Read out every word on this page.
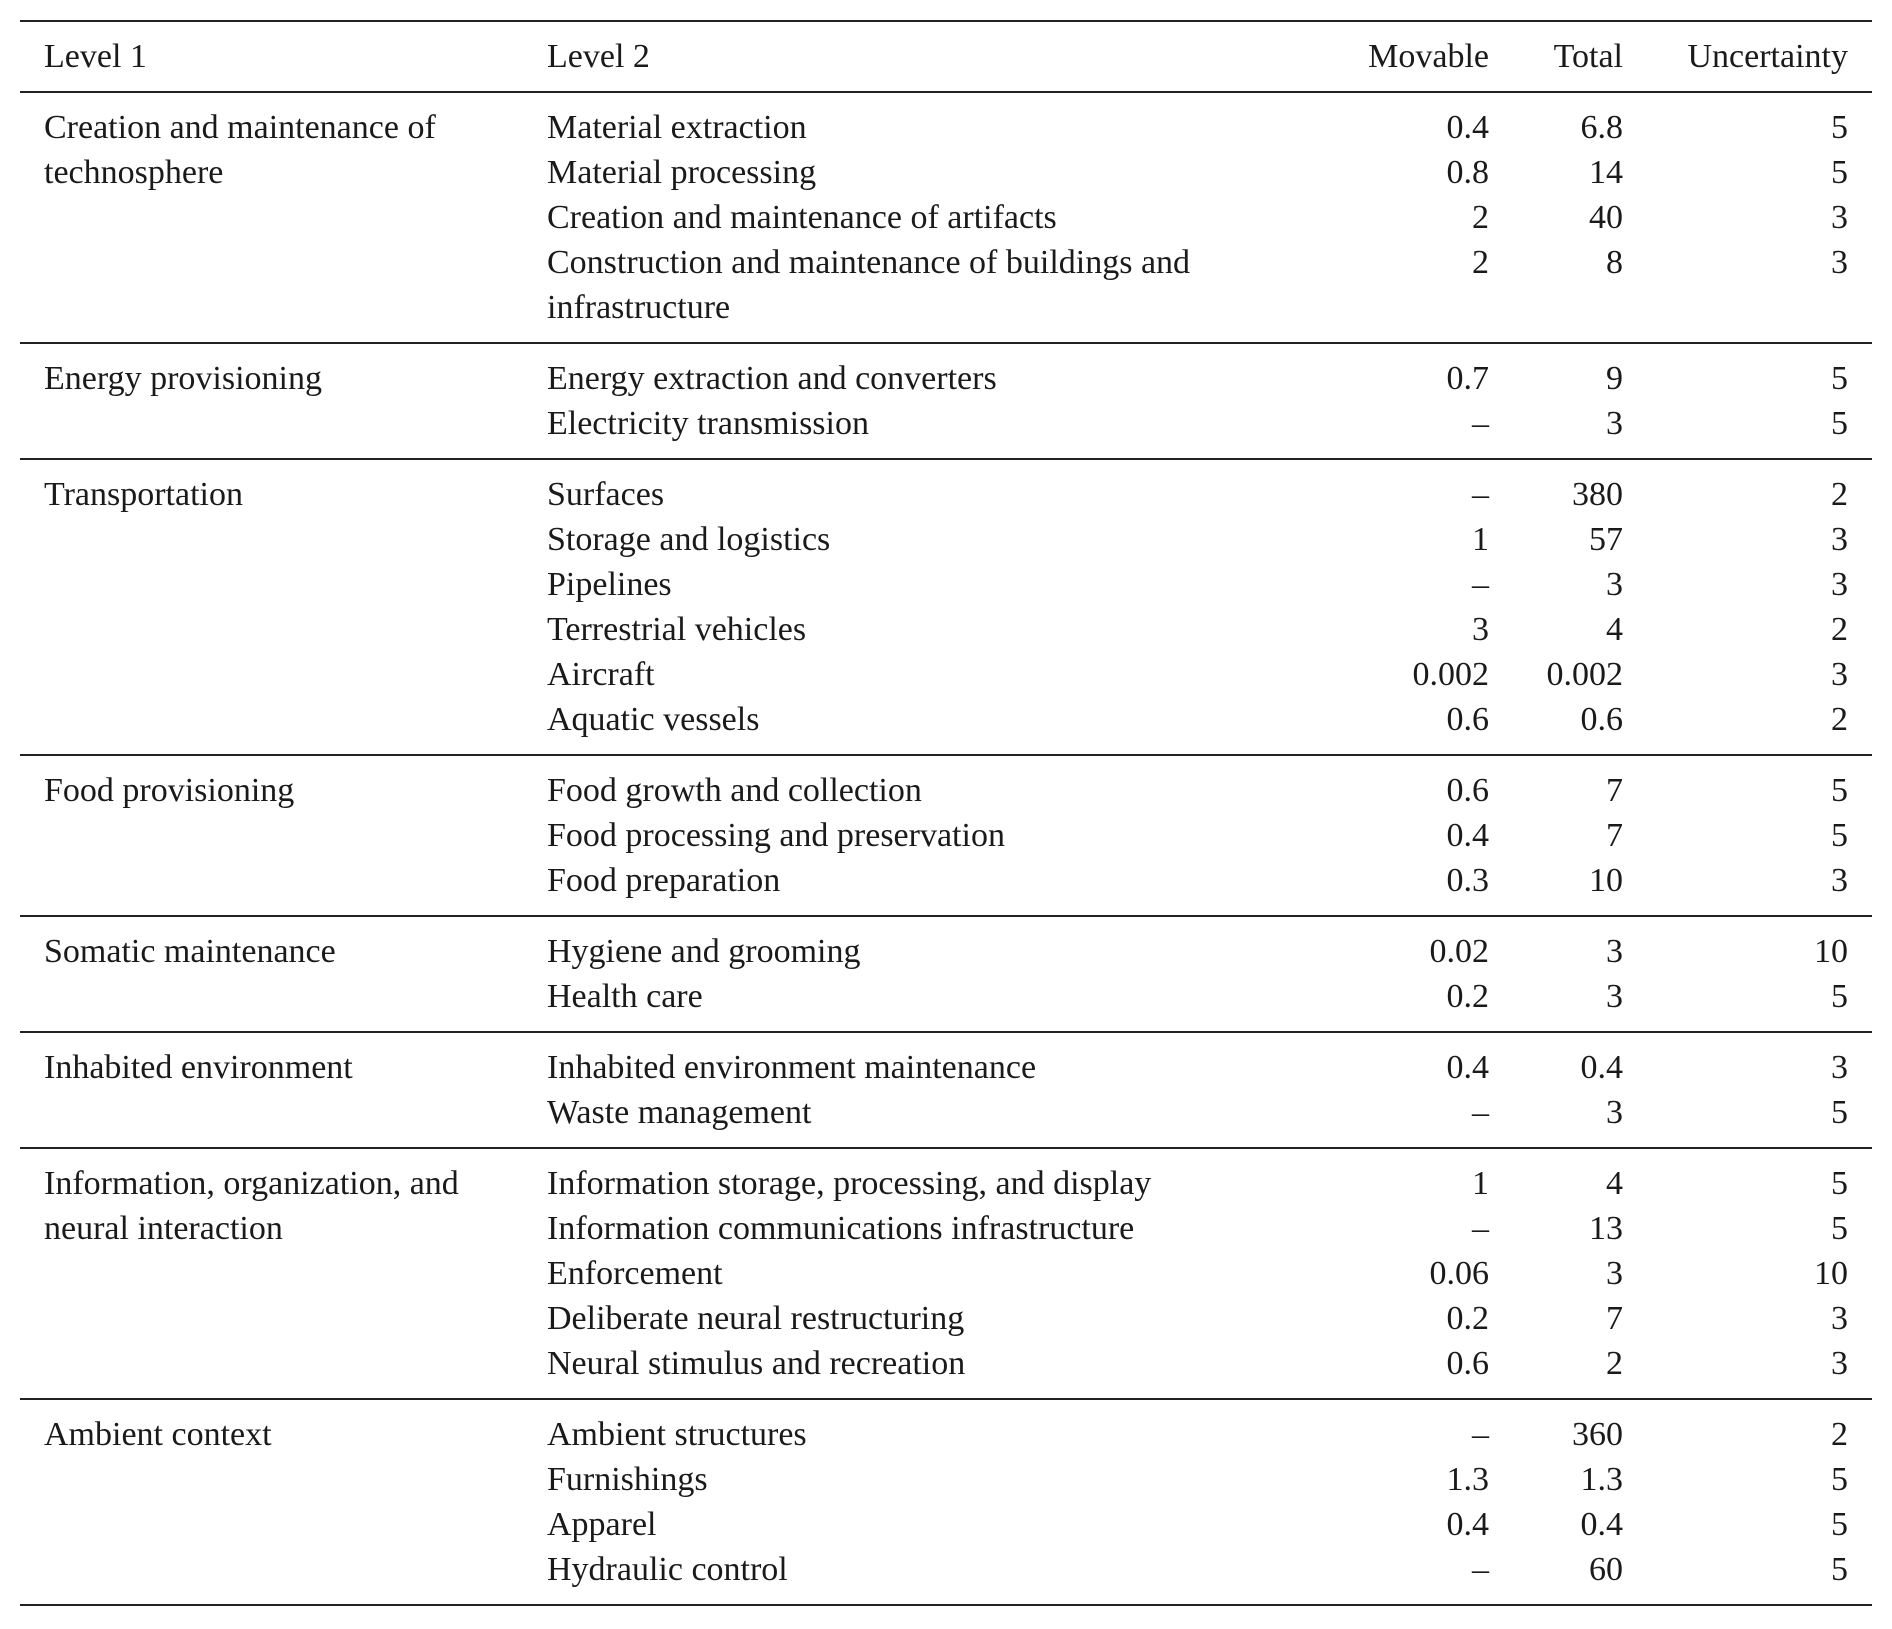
Level 1	Level 2	Movable	Total	Uncertainty
Creation and maintenance of technosphere	Material extraction	0.4	6.8	5
	Material processing	0.8	14	5
	Creation and maintenance of artifacts	2	40	3
	Construction and maintenance of buildings and infrastructure	2	8	3
Energy provisioning	Energy extraction and converters	0.7	9	5
	Electricity transmission	–	3	5
Transportation	Surfaces	–	380	2
	Storage and logistics	1	57	3
	Pipelines	–	3	3
	Terrestrial vehicles	3	4	2
	Aircraft	0.002	0.002	3
	Aquatic vessels	0.6	0.6	2
Food provisioning	Food growth and collection	0.6	7	5
	Food processing and preservation	0.4	7	5
	Food preparation	0.3	10	3
Somatic maintenance	Hygiene and grooming	0.02	3	10
	Health care	0.2	3	5
Inhabited environment	Inhabited environment maintenance	0.4	0.4	3
	Waste management	–	3	5
Information, organization, and neural interaction	Information storage, processing, and display	1	4	5
	Information communications infrastructure	–	13	5
	Enforcement	0.06	3	10
	Deliberate neural restructuring	0.2	7	3
	Neural stimulus and recreation	0.6	2	3
Ambient context	Ambient structures	–	360	2
	Furnishings	1.3	1.3	5
	Apparel	0.4	0.4	5
	Hydraulic control	–	60	5
